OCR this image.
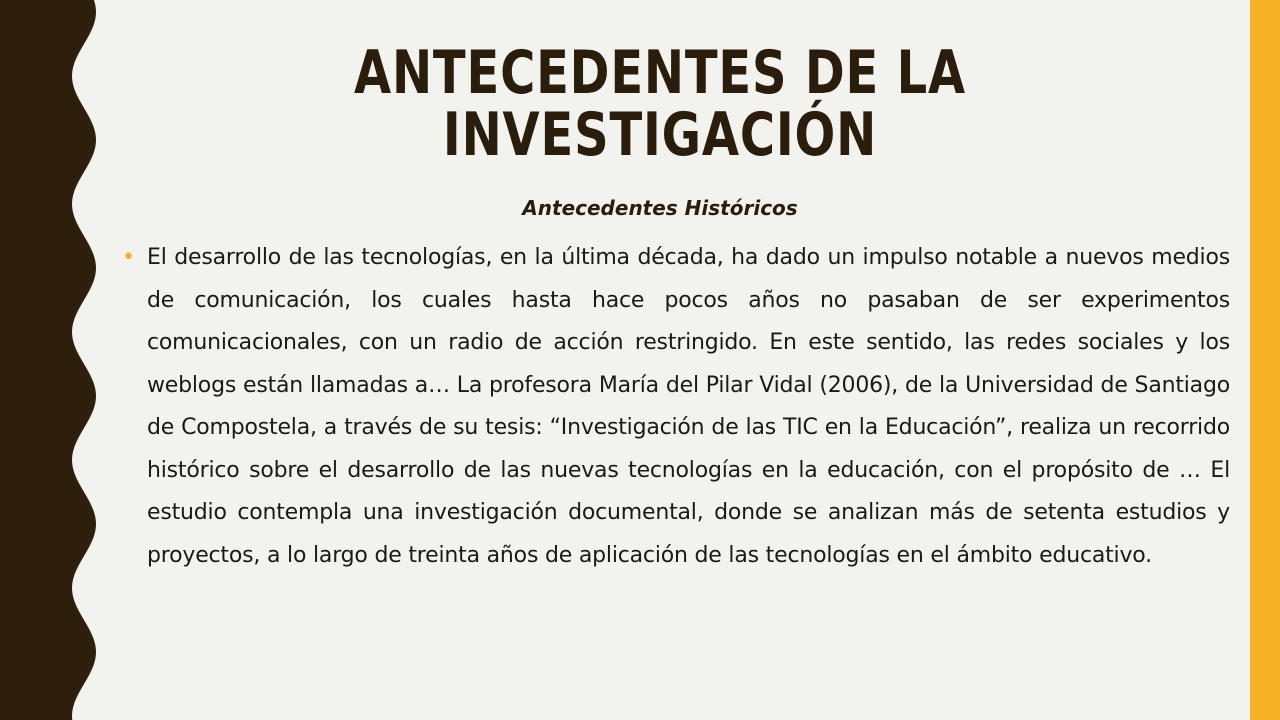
ANTECEDENTES DE LA INVESTIGACIÓN
Antecedentes Históricos
• El desarrollo de las tecnologías, en la última década, ha dado un impulso notable a nuevos medios de comunicación, los cuales hasta hace pocos años no pasaban de ser experimentos comunicacionales, con un radio de acción restringido. En este sentido, las redes sociales y los weblogs están llamadas a… La profesora María del Pilar Vidal (2006), de la Universidad de Santiago de Compostela, a través de su tesis: “Investigación de las TIC en la Educación”, realiza un recorrido histórico sobre el desarrollo de las nuevas tecnologías en la educación, con el propósito de … El estudio contempla una investigación documental, donde se analizan más de setenta estudios y proyectos, a lo largo de treinta años de aplicación de las tecnologías en el ámbito educativo.
